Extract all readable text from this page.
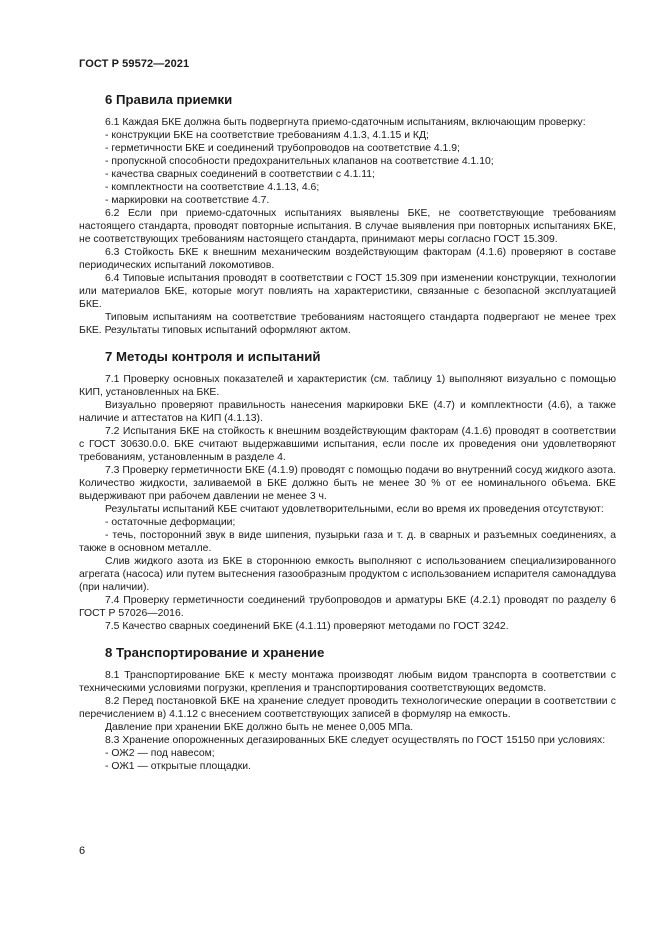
ГОСТ Р 59572—2021
6 Правила приемки

6.1 Каждая БКЕ должна быть подвергнута приемо-сдаточным испытаниям, включающим проверку:

- конструкции БКЕ на соответствие требованиям 4.1.3, 4.1.15 и КД;

- герметичности БКЕ и соединений трубопроводов на соответствие 4.1.9;

- пропускной способности предохранительных клапанов на соответствие 4.1.10;

- качества сварных соединений в соответствии с 4.1.11;

- комплектности на соответствие 4.1.13, 4.6;

- маркировки на соответствие 4.7.

6.2 Если при приемо-сдаточных испытаниях выявлены БКЕ, не соответствующие требованиям настоящего стандарта, проводят повторные испытания. В случае выявления при повторных испытаниях БКЕ, не соответствующих требованиям настоящего стандарта, принимают меры согласно ГОСТ 15.309.

6.3 Стойкость БКЕ к внешним механическим воздействующим факторам (4.1.6) проверяют в составе периодических испытаний локомотивов.

6.4 Типовые испытания проводят в соответствии с ГОСТ 15.309 при изменении конструкции, технологии или материалов БКЕ, которые могут повлиять на характеристики, связанные с безопасной эксплуатацией БКЕ.

Типовым испытаниям на соответствие требованиям настоящего стандарта подвергают не менее трех БКЕ. Результаты типовых испытаний оформляют актом.

7 Методы контроля и испытаний

7.1 Проверку основных показателей и характеристик (см. таблицу 1) выполняют визуально с помощью КИП, установленных на БКЕ.

Визуально проверяют правильность нанесения маркировки БКЕ (4.7) и комплектности (4.6), а также наличие и аттестатов на КИП (4.1.13).

7.2 Испытания БКЕ на стойкость к внешним воздействующим факторам (4.1.6) проводят в соответствии с ГОСТ 30630.0.0. БКЕ считают выдержавшими испытания, если после их проведения они удовлетворяют требованиям, установленным в разделе 4.

7.3 Проверку герметичности БКЕ (4.1.9) проводят с помощью подачи во внутренний сосуд жидкого азота. Количество жидкости, заливаемой в БКЕ должно быть не менее 30 % от ее номинального объема. БКЕ выдерживают при рабочем давлении не менее 3 ч.

Результаты испытаний КБЕ считают удовлетворительными, если во время их проведения отсутствуют:

- остаточные деформации;

- течь, посторонний звук в виде шипения, пузырьки газа и т. д. в сварных и разъемных соединениях, а также в основном металле.

Слив жидкого азота из БКЕ в стороннюю емкость выполняют с использованием специализированного агрегата (насоса) или путем вытеснения газообразным продуктом с использованием испарителя самонаддува (при наличии).

7.4 Проверку герметичности соединений трубопроводов и арматуры БКЕ (4.2.1) проводят по разделу 6 ГОСТ Р 57026—2016.

7.5 Качество сварных соединений БКЕ (4.1.11) проверяют методами по ГОСТ 3242.

8 Транспортирование и хранение

8.1 Транспортирование БКЕ к месту монтажа производят любым видом транспорта в соответствии с техническими условиями погрузки, крепления и транспортирования соответствующих ведомств.

8.2 Перед постановкой БКЕ на хранение следует проводить технологические операции в соответствии с перечислением в) 4.1.12 с внесением соответствующих записей в формуляр на емкость.

Давление при хранении БКЕ должно быть не менее 0,005 МПа.

8.3 Хранение опорожненных дегазированных БКЕ следует осуществлять по ГОСТ 15150 при условиях:

- ОЖ2 — под навесом;

- ОЖ1 — открытые площадки.

6
